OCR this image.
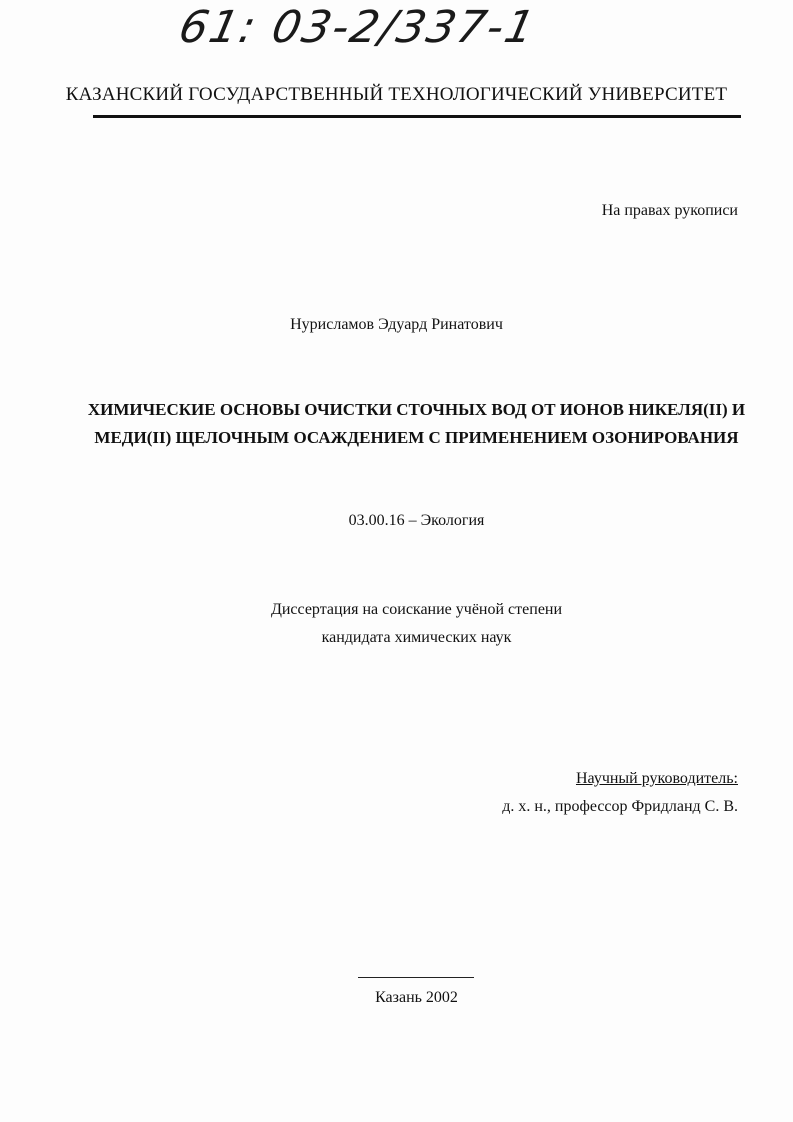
61: 03-2/337-1
КАЗАНСКИЙ ГОСУДАРСТВЕННЫЙ ТЕХНОЛОГИЧЕСКИЙ УНИВЕРСИТЕТ
На правах рукописи
Нурисламов Эдуард Ринатович
ХИМИЧЕСКИЕ ОСНОВЫ ОЧИСТКИ СТОЧНЫХ ВОД ОТ ИОНОВ НИКЕЛЯ(II) И
МЕДИ(II) ЩЕЛОЧНЫМ ОСАЖДЕНИЕМ С ПРИМЕНЕНИЕМ ОЗОНИРОВАНИЯ
03.00.16 – Экология
Диссертация на соискание учёной степени
кандидата химических наук
Научный руководитель:
д. х. н., профессор Фридланд С. В.
Казань 2002
